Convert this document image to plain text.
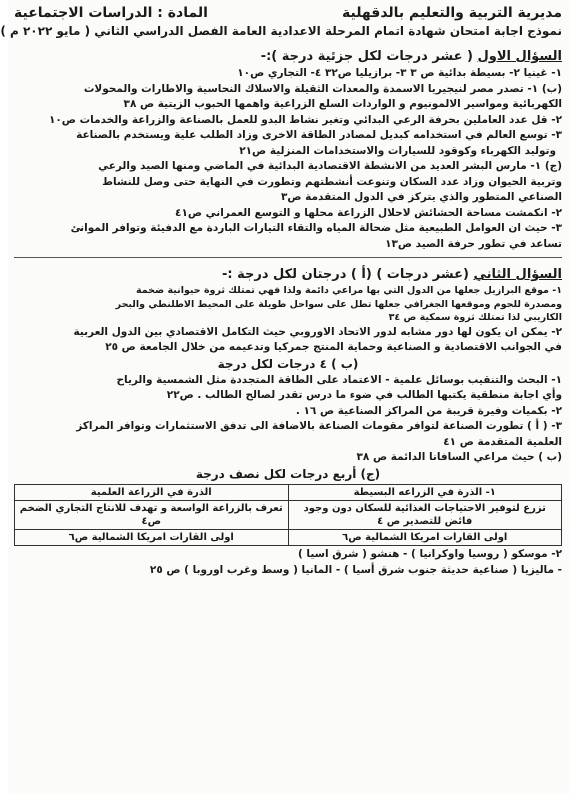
مديرية التربية والتعليم بالدقهلية
المادة : الدراسات الاجتماعية
نموذج اجابة امتحان شهادة اتمام المرحلة الاعدادية العامة الفصل الدراسي الثاني ( مايو ٢٠٢٢ م )
السؤال الاول ( عشر درجات لكل جزئية درجة ):-
١- غينيا ٢- بسيطة بدائية ص ٣ ٣- برازيليا ص٣٢ ٤- التجاري ص١٠
(ب) ١- تصدر مصر لنيجيريا الاسمدة والمعدات الثقيلة والاسلاك النحاسية والاطارات والمحولات
الكهربائية ومواسير الالمونيوم و الواردات السلع الزراعية واهمها الحبوب الزيتية ص ٣٨
٢- قل عدد العاملين بحرفة الرعي البدائي وتغير نشاط البدو للعمل بالصناعة والزراعة والخدمات ص١٠
٣- توسع العالم في استخدامه كبديل لمصادر الطاقة الاخرى وزاد الطلب علية ويستخدم بالصناعة
وتوليد الكهرباء وكوقود للسيارات والاستخدامات المنزلية ص٢١
(ج) ١- مارس البشر العديد من الانشطة الاقتصادية البدائية في الماضي ومنها الصيد والرعي
وتربية الحيوان وزاد عدد السكان وتنوعت أنشطتهم وتطورت في النهاية حتى وصل للنشاط
الصناعي المتطور والذي يتركز في الدول المتقدمة ص٣
٢- انكمشت مساحة الحشائش لاحلال الزراعة محلها و التوسع العمراني ص٤١
٣- حيث ان العوامل الطبيعية مثل ضحالة المياه والتقاء التيارات الباردة مع الدفيئة وتوافر الموانئ
تساعد في تطور حرفة الصيد ص١٣
السؤال الثاني (عشر درجات ) (أ ) درجتان لكل درجة :-
١- موقع البرازيل جعلها من الدول التي بها مراعي دائمة ولذا فهي تمتلك ثروة حيوانية ضخمة
ومصدرة للحوم وموقعها الجغرافي جعلها تطل على سواحل طويلة على المحيط الاطلنطي والبحر
الكاريبي لذا تمتلك ثروة سمكية ص ٣٤
٢- يمكن ان يكون لها دور مشابه لدور الاتحاد الاوروبي حيث التكامل الاقتصادي بين الدول العربية
في الجوانب الاقتصادية و الصناعية وحماية المنتج جمركيا وتدعيمه من خلال الجامعة ص ٢٥
(ب ) ٤ درجات لكل درجة
١- البحث والتنقيب بوسائل علمية - الاعتماد على الطاقة المتجددة مثل الشمسية والرياح
وأي اجابة منطقية يكتبها الطالب في ضوء ما درس تقدر لصالح الطالب . ص٢٢
٢- بكميات وفيرة قريبة من المراكز الصناعية ص ١٦ .
٣- ( أ ) تطورت الصناعة لتوافر مقومات الصناعة بالاضافة الى تدفق الاستثمارات وتوافر المراكز
العلمية المتقدمة ص ٤١
(ب ) حيث مراعي السافانا الدائمة ص ٣٨
(ج) أربع درجات لكل نصف درجة
١- الذرة في الزراعه البسيطة	الذرة في الزراعة العلمية
تزرع لتوفير الاحتياجات الغذائية للسكان دون وجود فائض للتصدير ص ٤	تعرف بالزراعة الواسعة و تهدف للانتاج التجاري الضخم ص٤
اولى القارات امريكا الشمالية ص٦	اولى القارات امريكا الشمالية ص٦
٢- موسكو ( روسيا واوكرانيا ) - هنشو ( شرق اسيا )
- ماليزيا ( صناعية حديثة جنوب شرق أسيا ) - المانيا ( وسط وغرب اوروبا ) ص ٢٥
